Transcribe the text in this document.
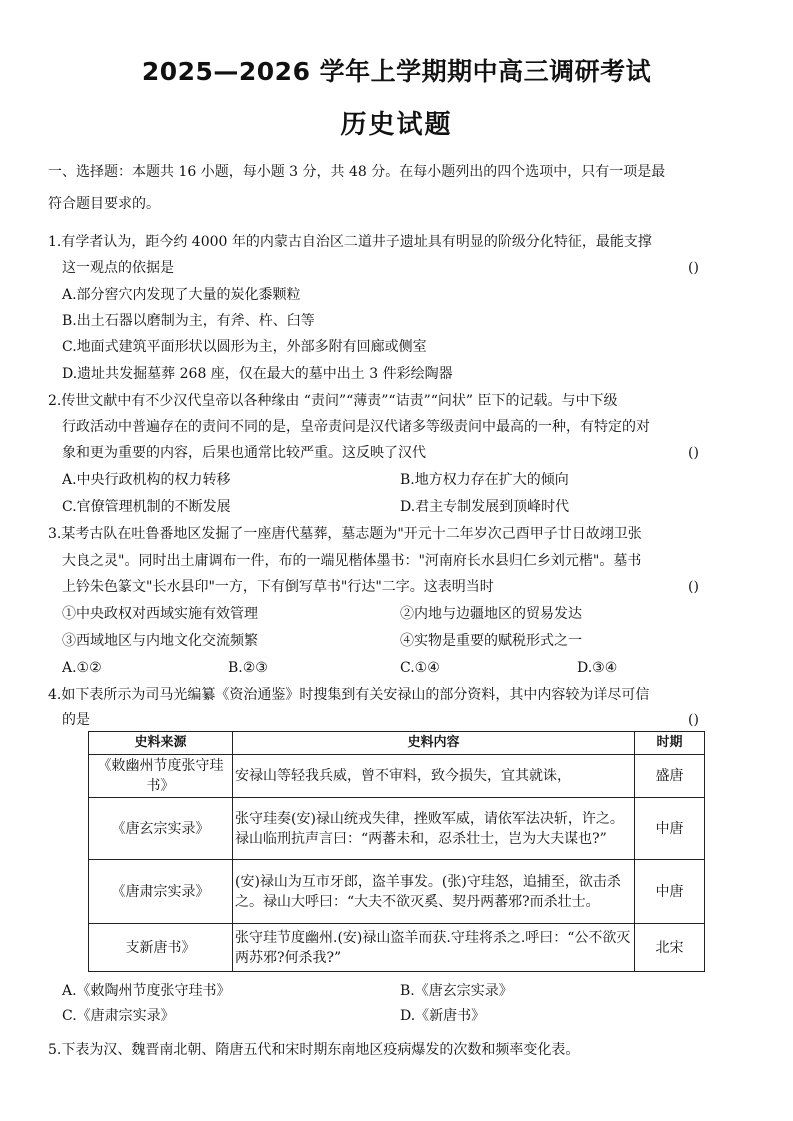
2025—2026 学年上学期期中高三调研考试
历史试题
一、选择题：本题共 16 小题，每小题 3 分，共 48 分。在每小题列出的四个选项中，只有一项是最
符合题目要求的。
1.有学者认为，距今约 4000 年的内蒙古自治区二道井子遗址具有明显的阶级分化特征，最能支撑
这一观点的依据是	()
A.部分窖穴内发现了大量的炭化黍颗粒
B.出土石器以磨制为主，有斧、杵、臼等
C.地面式建筑平面形状以圆形为主，外部多附有回廊或侧室
D.遗址共发掘墓葬 268 座，仅在最大的墓中出土 3 件彩绘陶器
2.传世文献中有不少汉代皇帝以各种缘由 “责问”“薄责”“诘责”“问状” 臣下的记载。与中下级
行政活动中普遍存在的责问不同的是，皇帝责问是汉代诸多等级责问中最高的一种，有特定的对
象和更为重要的内容，后果也通常比较严重。这反映了汉代	()
A.中央行政机构的权力转移	B.地方权力存在扩大的倾向
C.官僚管理机制的不断发展	D.君主专制发展到顶峰时代
3.某考古队在吐鲁番地区发掘了一座唐代墓葬，墓志题为"开元十二年岁次己酉甲子廿日故翊卫张
大良之灵"。同时出土庸调布一件，布的一端见楷体墨书："河南府长水县归仁乡刘元楷"。墓书
上钤朱色篆文"长水县印"一方，下有倒写草书"行达"二字。这表明当时	()
①中央政权对西域实施有效管理	②内地与边疆地区的贸易发达
③西域地区与内地文化交流频繁	④实物是重要的赋税形式之一
A.①②	B.②③	C.①④	D.③④
4.如下表所示为司马光编纂《资治通鉴》时搜集到有关安禄山的部分资料，其中内容较为详尽可信
的是	()
史料来源	史料内容	时期
《敕幽州节度张守珪书》	安禄山等轻我兵威，曾不审料，致今损失，宜其就诛，	盛唐
《唐玄宗实录》	张守珪奏(安)禄山统戎失律，挫败军威，请依军法决斩，许之。禄山临刑抗声言曰：“两蕃未和，忍杀壮士，岂为大夫谋也?”	中唐
《唐肃宗实录》	(安)禄山为互市牙郎，盗羊事发。(张)守珪怒，追捕至，欲击杀之。禄山大呼曰：“大夫不欲灭奚、契丹两蕃邪?而杀壮士。	中唐
支新唐书》	张守珪节度幽州.(安)禄山盗羊而获.守珪将杀之.呼曰：“公不欲灭两苏邪?何杀我?”	北宋
A.《敕陶州节度张守珪书》	B.《唐玄宗实录》
C.《唐肃宗实录》	D.《新唐书》
5.下表为汉、魏晋南北朝、隋唐五代和宋时期东南地区疫病爆发的次数和频率变化表。
